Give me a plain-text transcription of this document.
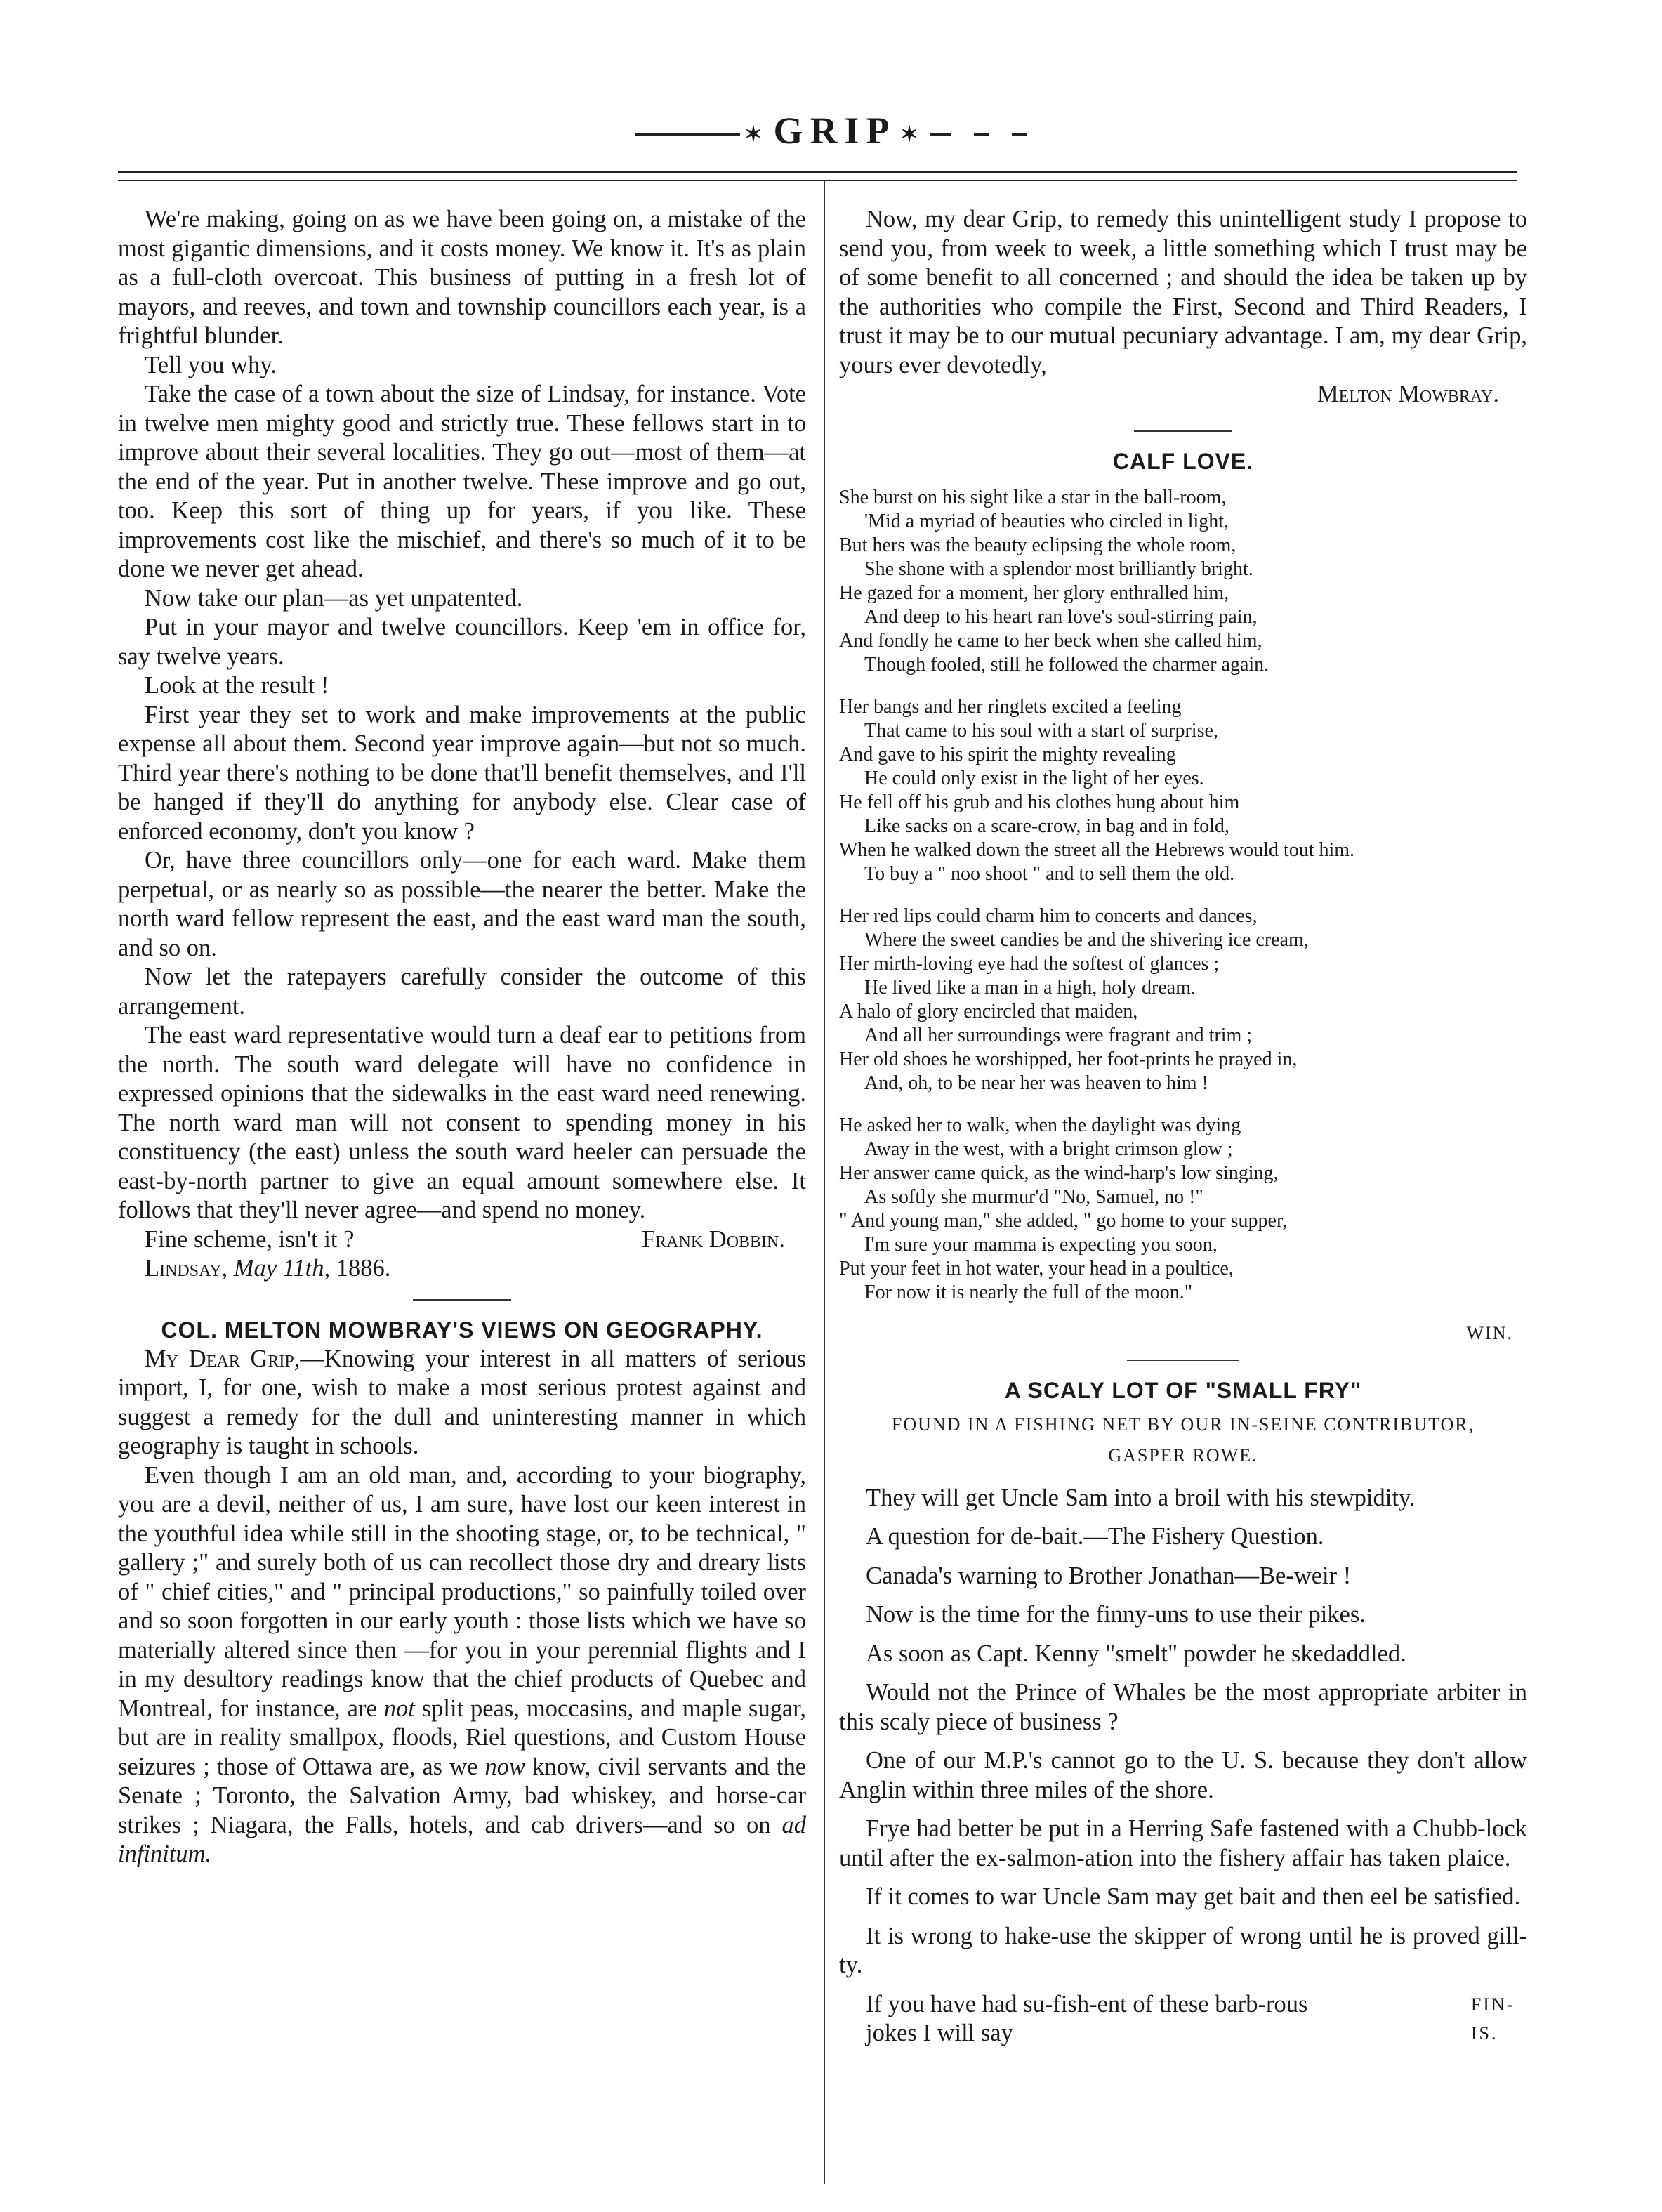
✶ GRIP ✶

We're making, going on as we have been going on, a mistake of the most gigantic dimensions, and it costs money. We know it. It's as plain as a full-cloth overcoat. This business of putting in a fresh lot of mayors, and reeves, and town and township councillors each year, is a frightful blunder.

Tell you why.

Take the case of a town about the size of Lindsay, for instance. Vote in twelve men mighty good and strictly true. These fellows start in to improve about their several localities. They go out—most of them—at the end of the year. Put in another twelve. These improve and go out, too. Keep this sort of thing up for years, if you like. These improvements cost like the mischief, and there's so much of it to be done we never get ahead.

Now take our plan—as yet unpatented.

Put in your mayor and twelve councillors. Keep 'em in office for, say twelve years.

Look at the result !

First year they set to work and make improvements at the public expense all about them. Second year improve again—but not so much. Third year there's nothing to be done that'll benefit themselves, and I'll be hanged if they'll do anything for anybody else. Clear case of enforced economy, don't you know ?

Or, have three councillors only—one for each ward. Make them perpetual, or as nearly so as possible—the nearer the better. Make the north ward fellow represent the east, and the east ward man the south, and so on.

Now let the ratepayers carefully consider the outcome of this arrangement.

The east ward representative would turn a deaf ear to petitions from the north. The south ward delegate will have no confidence in expressed opinions that the sidewalks in the east ward need renewing. The north ward man will not consent to spending money in his constituency (the east) unless the south ward heeler can persuade the east-by-north partner to give an equal amount somewhere else. It follows that they'll never agree—and spend no money.

Fine scheme, isn't it ?	Frank Dobbin.
Lindsay,
May 11th,
1886.
COL. MELTON MOWBRAY'S VIEWS ON GEOGRAPHY.

My Dear Grip,—Knowing your interest in all matters of serious import, I, for one, wish to make a most serious protest against and suggest a remedy for the dull and uninteresting manner in which geography is taught in schools.

Even though I am an old man, and, according to your biography, you are a devil, neither of us, I am sure, have lost our keen interest in the youthful idea while still in the shooting stage, or, to be technical, " gallery ;" and surely both of us can recollect those dry and dreary lists of " chief cities," and " principal productions," so painfully toiled over and so soon forgotten in our early youth : those lists which we have so materially altered since then —for you in your perennial flights and I in my desultory readings know that the chief products of Quebec and Montreal, for instance, are not split peas, moccasins, and maple sugar, but are in reality smallpox, floods, Riel questions, and Custom House seizures ; those of Ottawa are, as we now know, civil servants and the Senate ; Toronto, the Salvation Army, bad whiskey, and horse-car strikes ; Niagara, the Falls, hotels, and cab drivers—and so on ad infinitum.

Now, my dear Grip, to remedy this unintelligent study I propose to send you, from week to week, a little something which I trust may be of some benefit to all concerned ; and should the idea be taken up by the authorities who compile the First, Second and Third Readers, I trust it may be to our mutual pecuniary advantage. I am, my dear Grip, yours ever devotedly,

Melton Mowbray.

CALF LOVE.
She burst on his sight like a star in the ball-room,
'Mid a myriad of beauties who circled in light,
But hers was the beauty eclipsing the whole room,
She shone with a splendor most brilliantly bright.
He gazed for a moment, her glory enthralled him,
And deep to his heart ran love's soul-stirring pain,
And fondly he came to her beck when she called him,
Though fooled, still he followed the charmer again.
Her bangs and her ringlets excited a feeling
That came to his soul with a start of surprise,
And gave to his spirit the mighty revealing
He could only exist in the light of her eyes.
He fell off his grub and his clothes hung about him
Like sacks on a scare-crow, in bag and in fold,
When he walked down the street all the Hebrews would tout him.
To buy a " noo shoot " and to sell them the old.
Her red lips could charm him to concerts and dances,
Where the sweet candies be and the shivering ice cream,
Her mirth-loving eye had the softest of glances ;
He lived like a man in a high, holy dream.
A halo of glory encircled that maiden,
And all her surroundings were fragrant and trim ;
Her old shoes he worshipped, her foot-prints he prayed in,
And, oh, to be near her was heaven to him !
He asked her to walk, when the daylight was dying
Away in the west, with a bright crimson glow ;
Her answer came quick, as the wind-harp's low singing,
As softly she murmur'd "No, Samuel, no !"
" And young man," she added, " go home to your supper,
I'm sure your mamma is expecting you soon,
Put your feet in hot water, your head in a poultice,
For now it is nearly the full of the moon."
WIN.
A SCALY LOT OF "SMALL FRY"
FOUND IN A FISHING NET BY OUR IN-SEINE CONTRIBUTOR,
GASPER ROWE.

They will get Uncle Sam into a broil with his stewpidity.

A question for de-bait.—The Fishery Question.

Canada's warning to Brother Jonathan—Be-weir !

Now is the time for the finny-uns to use their pikes.

As soon as Capt. Kenny "smelt" powder he skedaddled.

Would not the Prince of Whales be the most appropriate arbiter in this scaly piece of business ?

One of our M.P.'s cannot go to the U. S. because they don't allow Anglin within three miles of the shore.

Frye had better be put in a Herring Safe fastened with a Chubb-lock until after the ex-salmon-ation into the fishery affair has taken plaice.

If it comes to war Uncle Sam may get bait and then eel be satisfied.

It is wrong to hake-use the skipper of wrong until he is proved gill-ty.

If you have had su-fish-ent of these barb-rous jokes I will say
FIN-IS.
